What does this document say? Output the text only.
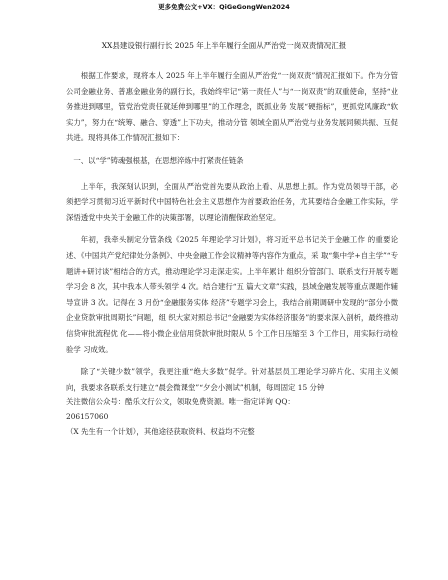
更多免费公文+VX：QiGeGongWen2024
XX县建设银行副行长 2025 年上半年履行全面从严治党一岗双责情况汇报

根据工作要求，现将本人 2025 年上半年履行全面从严治党“一岗双责”情况汇报如下。作为分管公司金融业务、普惠金融业务的副行长，我始终牢记“第一责任人”与“一岗双责”的双重使命，坚持“业务推进到哪里，管党治党责任就延伸到哪里”的工作理念，既抓业务 发展“硬指标”，更抓党风廉政“软实力”，努力在“统筹、融合、穿透”上下功夫，推动分管 领域全面从严治党与业务发展同频共振、互促共进。现将具体工作情况汇报如下：

一、以“学”铸魂强根基，在思想淬炼中打紧责任链条

上半年，我深刻认识到，全面从严治党首先要从政治上看、从思想上抓。作为党员领导干部，必须把学习贯彻习近平新时代中国特色社会主义思想作为首要政治任务，尤其要结合金融工作实际，学深悟透党中央关于金融工作的决策部署，以理论清醒保政治坚定。

年初，我牵头制定分管条线《2025 年理论学习计划》，将习近平总书记关于金融工作 的重要论述、《中国共产党纪律处分条例》、中央金融工作会议精神等内容作为重点，采 取“集中学+自主学”“专题讲+研讨谈”相结合的方式，推动理论学习走深走实。上半年累计 组织分管部门、联系支行开展专题学习会 8 次，其中我本人带头领学 4 次。结合建行“五 篇大文章”实践，县域金融发展等重点课题作辅导宣讲 3 次。记得在 3 月份“金融服务实体 经济”专题学习会上，我结合前期调研中发现的“部分小微企业贷款审批周期长”问题，组 织大家对照总书记“金融要为实体经济服务”的要求深入剖析，最终推动信贷审批流程优 化——将小微企业信用贷款审批时限从 5 个工作日压缩至 3 个工作日，用实际行动检验学 习成效。

除了“关键少数”领学，我更注重“绝大多数”促学。针对基层员工理论学习碎片化、实用主义倾向，我要求各联系支行建立“晨会微课堂”“夕会小测试”机制，每周固定 15 分钟

关注微信公众号：酷乐文行公文，领取免费资源。唯一指定详询 QQ：
206157060
（X 先生有一个计划），其他途径获取资料、权益均不完整
